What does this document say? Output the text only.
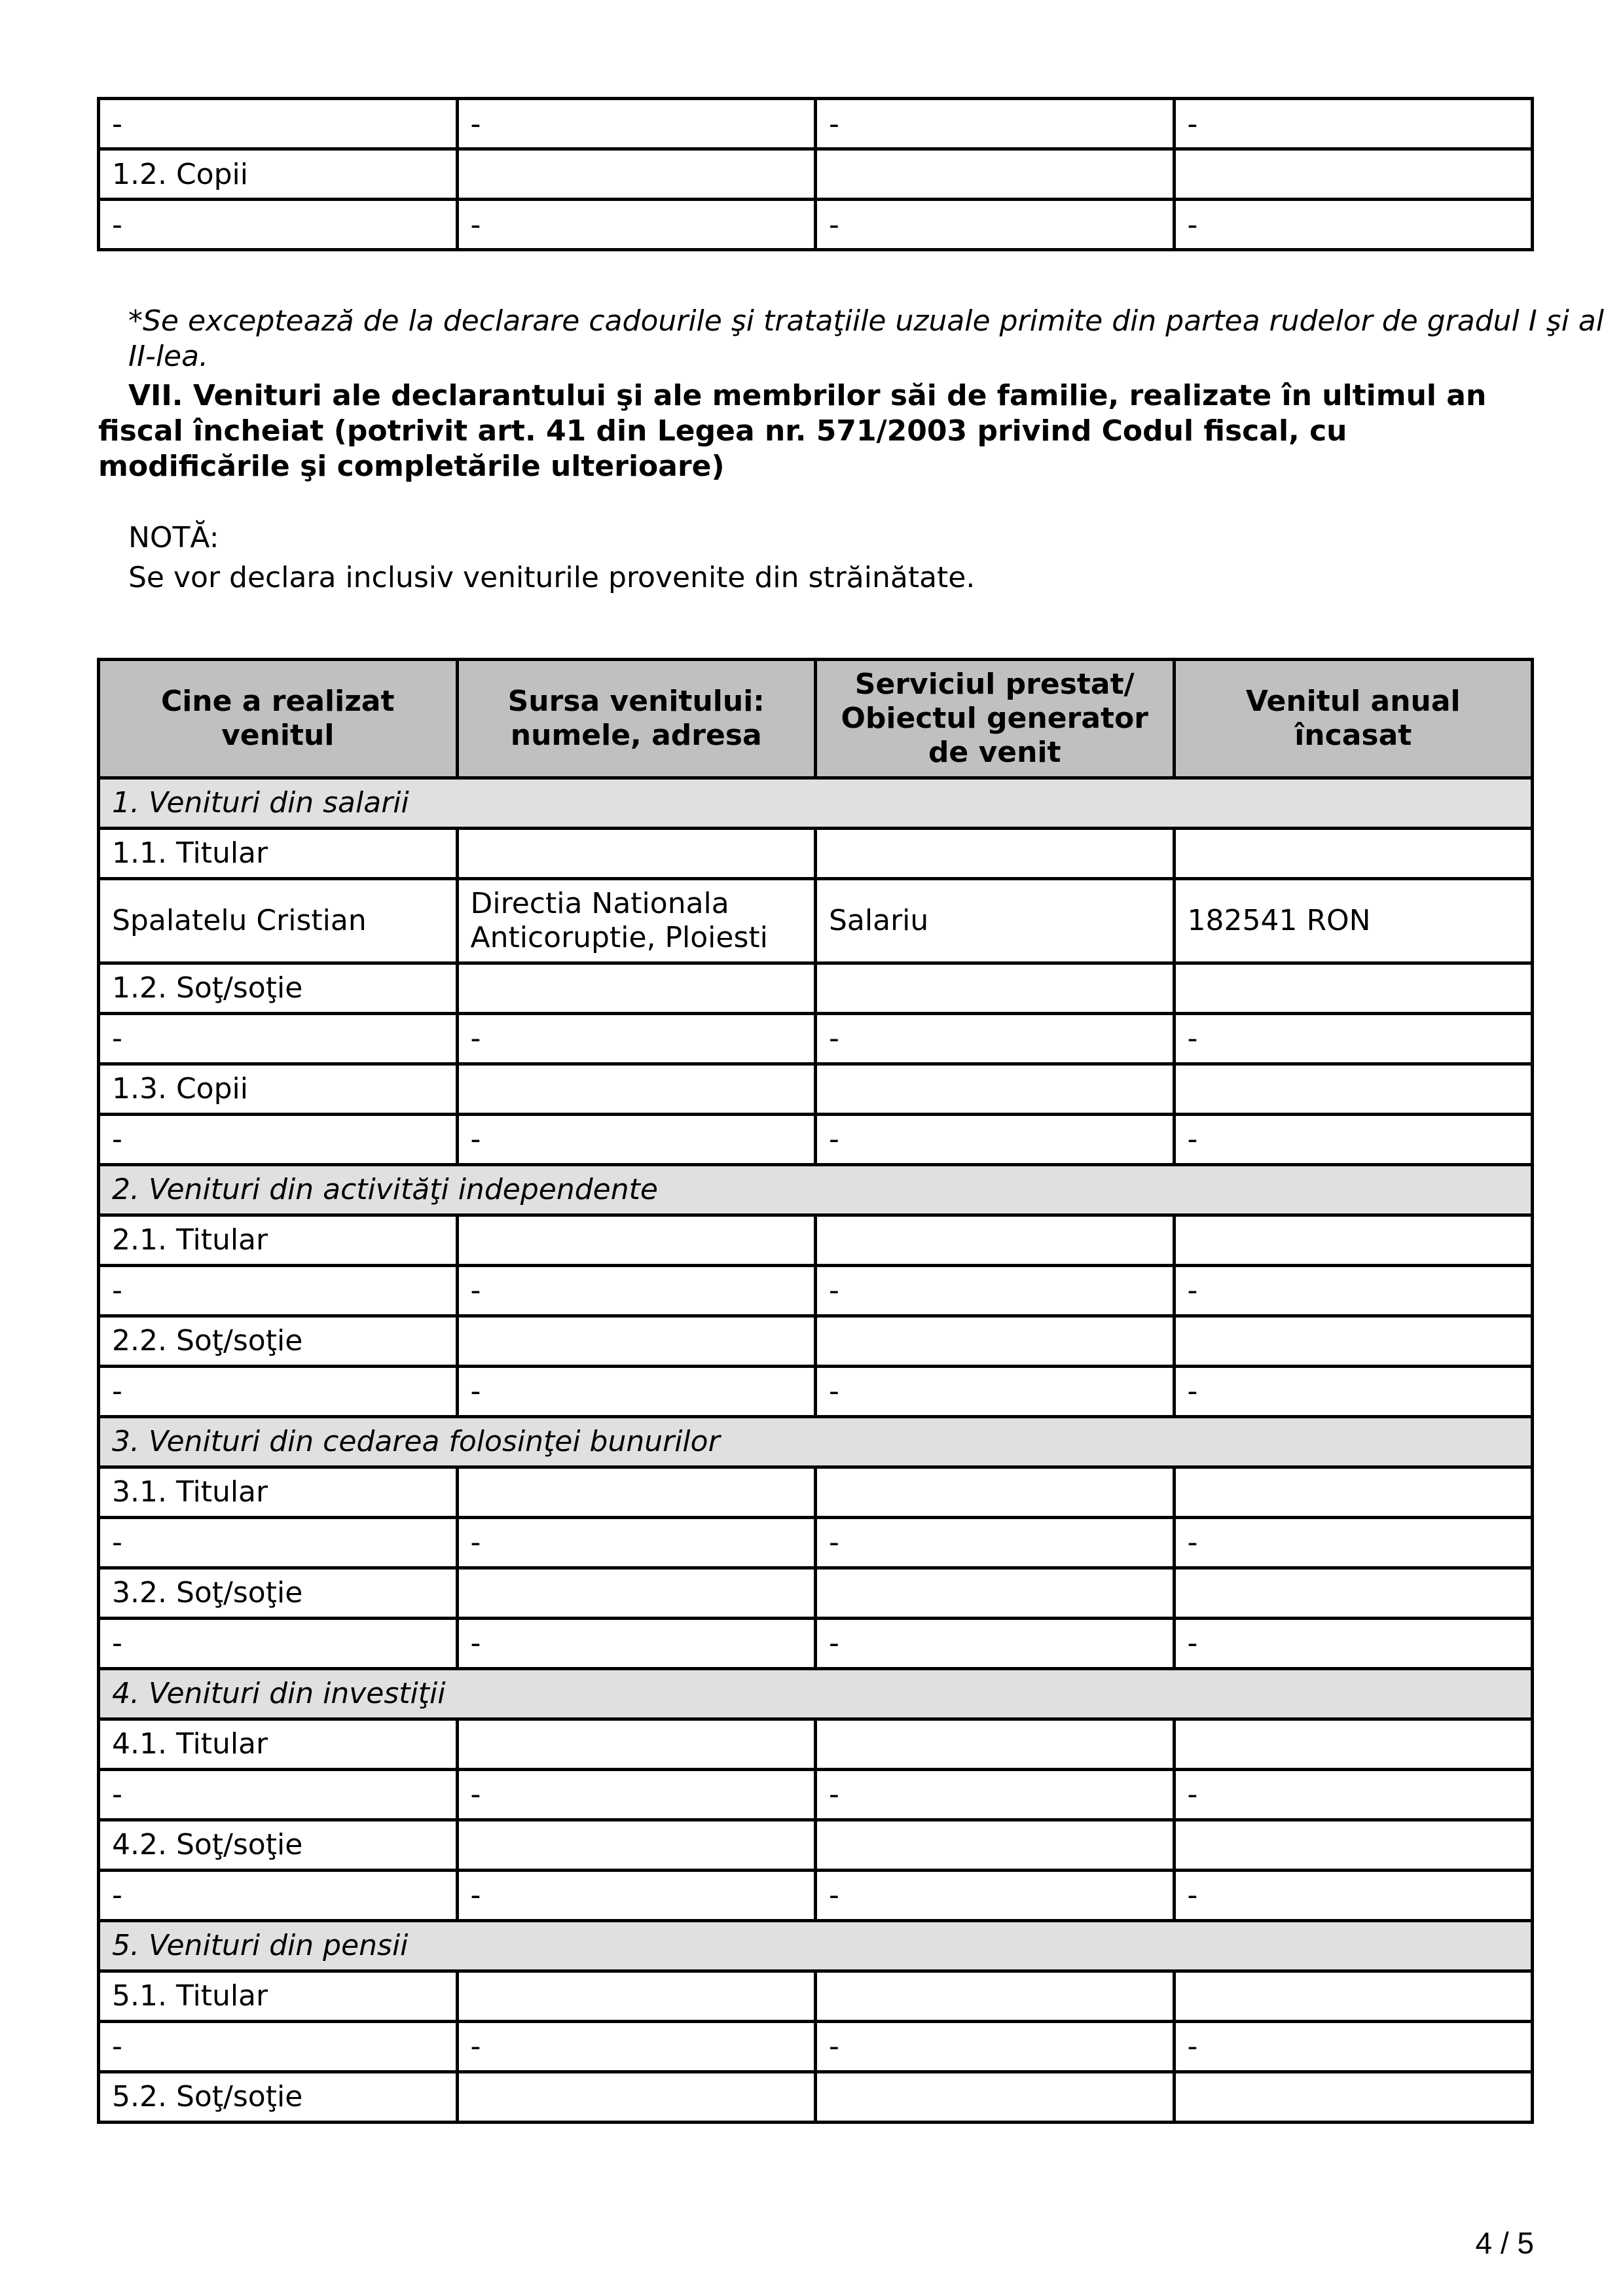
-	-	-	-
1.2. Copii			
-	-	-	-

*Se exceptează de la declarare cadourile şi trataţiile uzuale primite din partea rudelor de gradul I şi al II-lea.

VII. Venituri ale declarantului şi ale membrilor săi de familie, realizate în ultimul an fiscal încheiat (potrivit art. 41 din Legea nr. 571/2003 privind Codul fiscal, cu modificările şi completările ulterioare)

NOTĂ:

Se vor declara inclusiv veniturile provenite din străinătate.

Cine a realizat venitul	Sursa venitului: numele, adresa	Serviciul prestat/ Obiectul generator de venit	Venitul anual încasat
1. Venituri din salarii			
1.1. Titular			
Spalatelu Cristian	Directia Nationala Anticoruptie, Ploiesti	Salariu	182541 RON
1.2. Soţ/soţie			
-	-	-	-
1.3. Copii			
-	-	-	-
2. Venituri din activităţi independente			
2.1. Titular			
-	-	-	-
2.2. Soţ/soţie			
-	-	-	-
3. Venituri din cedarea folosinţei bunurilor			
3.1. Titular			
-	-	-	-
3.2. Soţ/soţie			
-	-	-	-
4. Venituri din investiţii			
4.1. Titular			
-	-	-	-
4.2. Soţ/soţie			
-	-	-	-
5. Venituri din pensii			
5.1. Titular			
-	-	-	-
5.2. Soţ/soţie			
4 / 5
